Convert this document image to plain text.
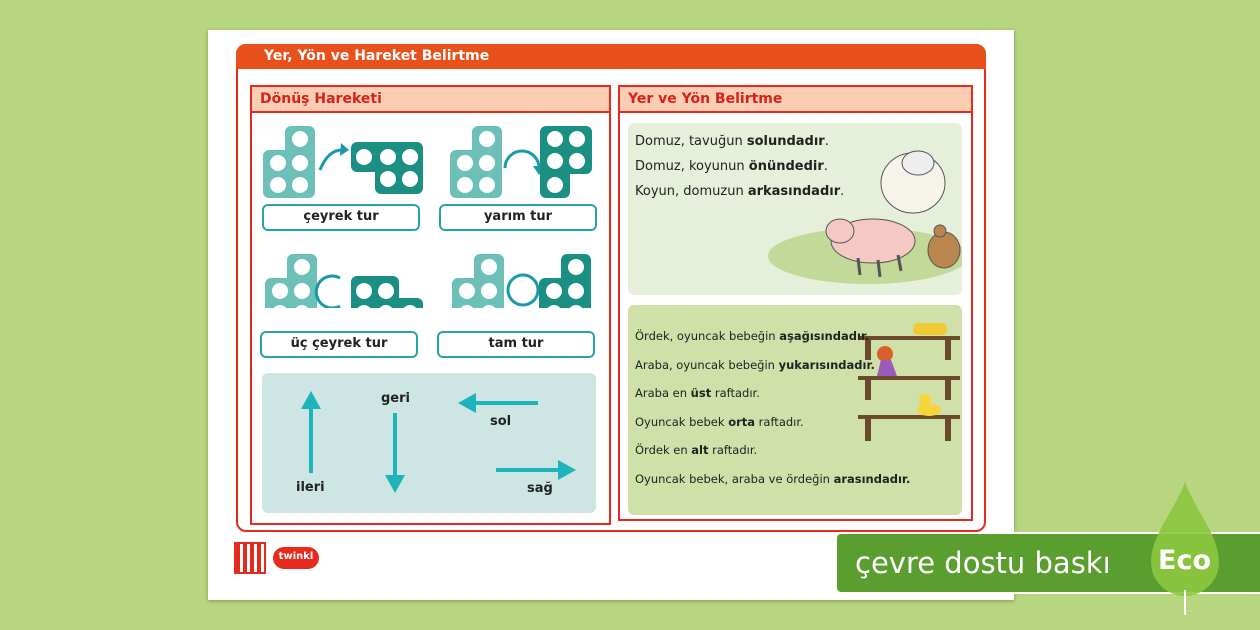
Yer, Yön ve Hareket Belirtme
Dönüş Hareketi
çeyrek tur	yarım tur
üç çeyrek tur	tam tur
ileri
geri
sol
sağ
Yer ve Yön Belirtme
Domuz, tavuğun solundadır.
Domuz, koyunun önündedir.
Koyun, domuzun arkasındadır.
Ördek, oyuncak bebeğin aşağısındadır.
Araba, oyuncak bebeğin yukarısındadır.
Araba en üst raftadır.
Oyuncak bebek orta raftadır.
Ördek en alt raftadır.
Oyuncak bebek, araba ve ördeğin arasındadır.
twinkl	çevre dostu baskı Eco
